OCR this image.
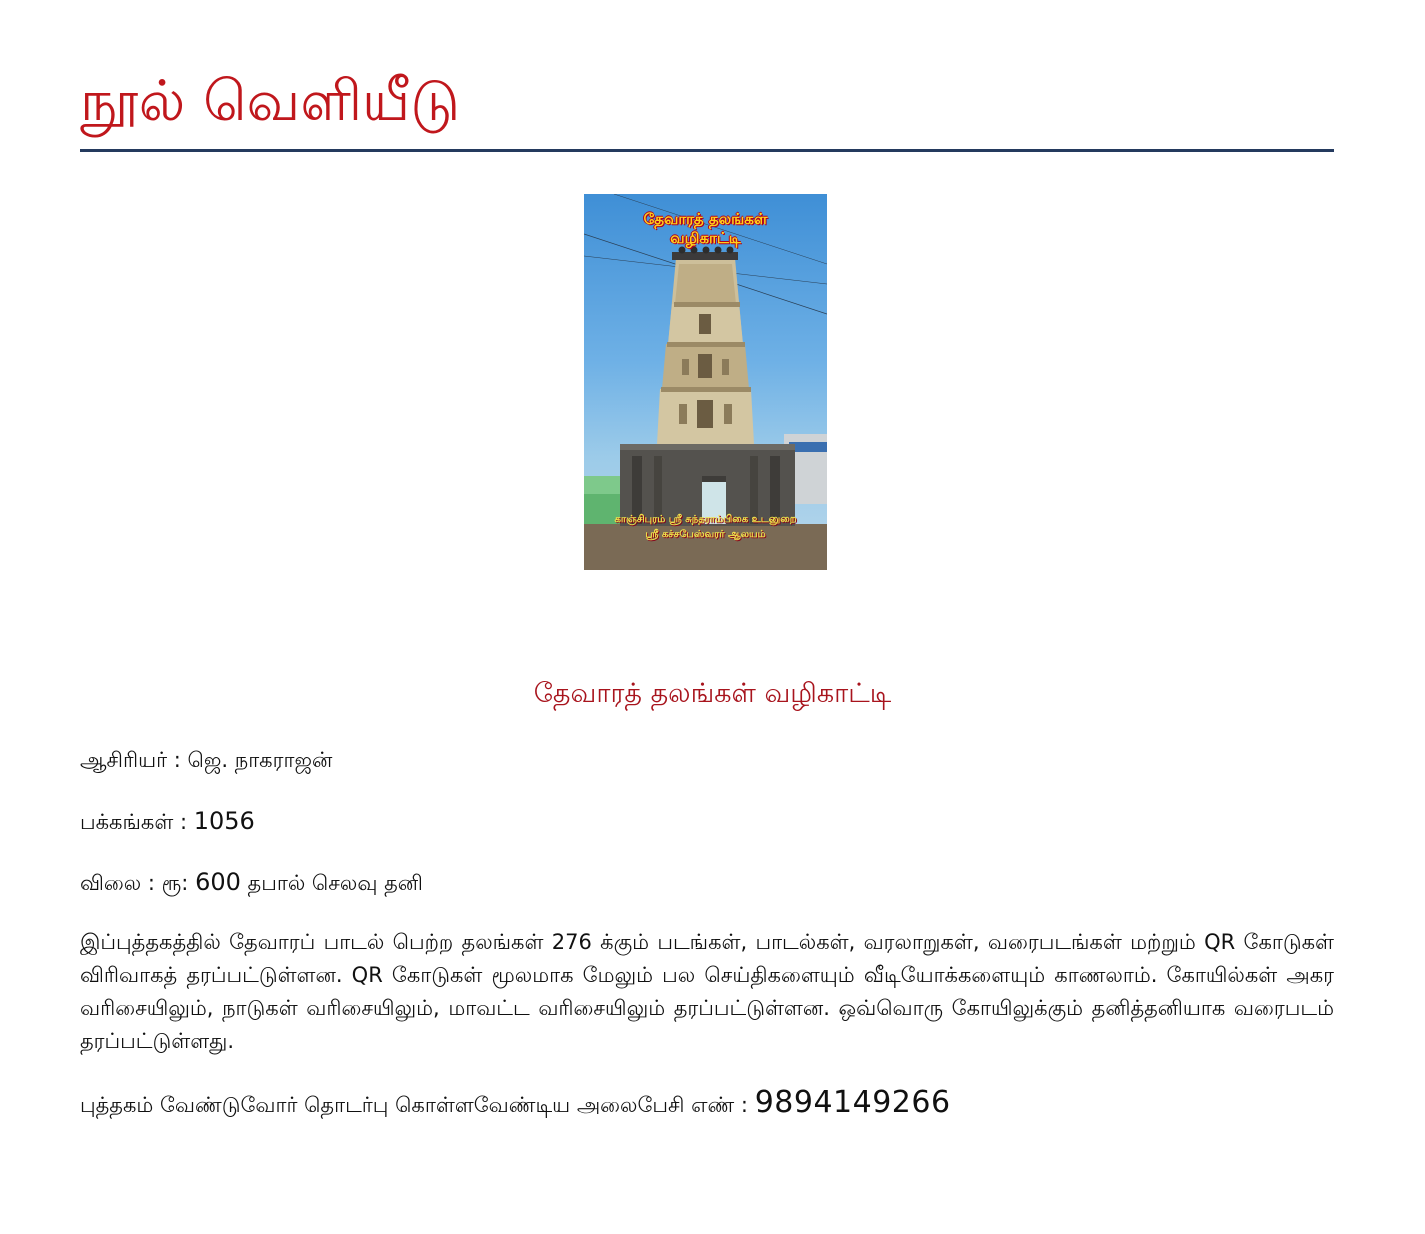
நூல் வெளியீடு
தேவாரத் தலங்கள்
வழிகாட்டி
காஞ்சிபுரம் ஸ்ரீ சுந்தராம்பிகை உடனுறை
ஸ்ரீ கச்சபேஸ்வரர் ஆலயம்
தேவாரத் தலங்கள் வழிகாட்டி
ஆசிரியர் : ஜெ. நாகராஜன்
பக்கங்கள் : 1056
விலை : ரூ: 600 தபால் செலவு தனி

இப்புத்தகத்தில் தேவாரப் பாடல் பெற்ற தலங்கள் 276 க்கும் படங்கள், பாடல்கள், வரலாறுகள், வரைபடங்கள் மற்றும் QR கோடுகள் விரிவாகத் தரப்பட்டுள்ளன. QR கோடுகள் மூலமாக மேலும் பல செய்திகளையும் வீடியோக்களையும் காணலாம். கோயில்கள் அகர வரிசையிலும், நாடுகள் வரிசையிலும், மாவட்ட வரிசையிலும் தரப்பட்டுள்ளன. ஒவ்வொரு கோயிலுக்கும் தனித்தனியாக வரைபடம் தரப்பட்டுள்ளது.

புத்தகம் வேண்டுவோர் தொடர்பு கொள்ளவேண்டிய அலைபேசி எண் : 9894149266
